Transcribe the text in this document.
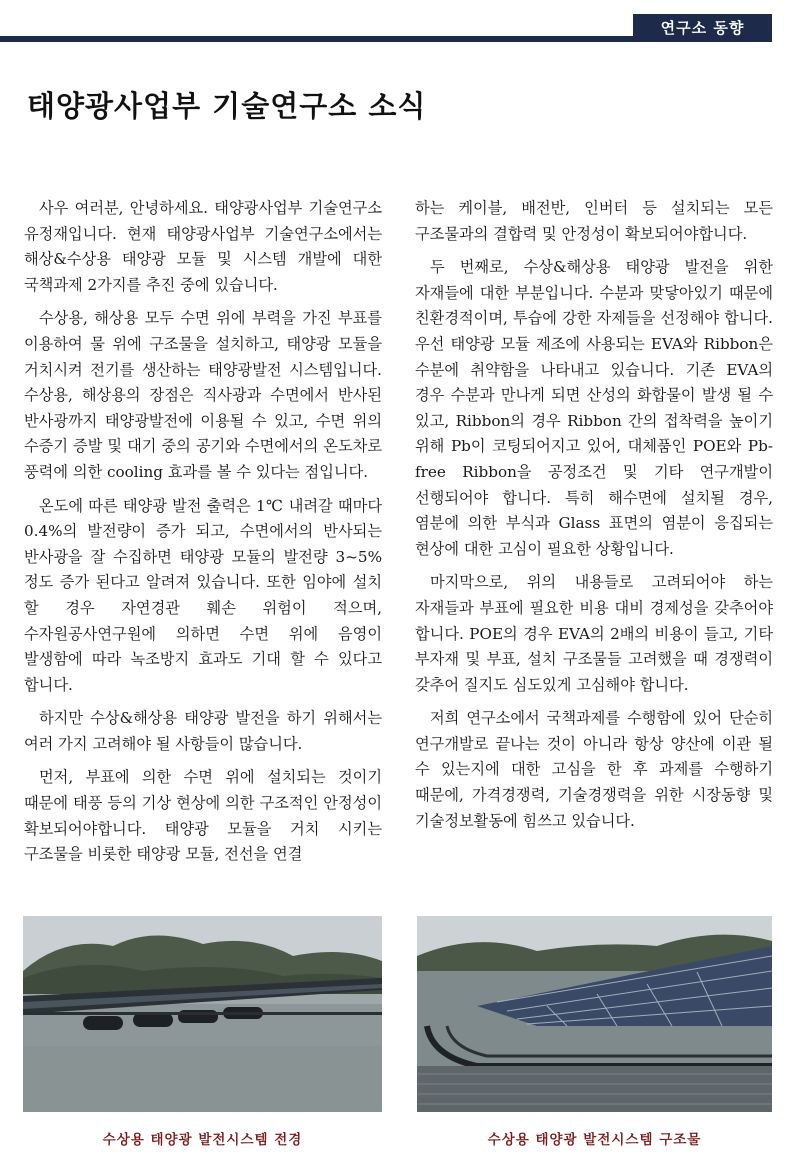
연구소 동향
태양광사업부 기술연구소 소식

사우 여러분, 안녕하세요. 태양광사업부 기술연구소 유정재입니다. 현재 태양광사업부 기술연구소에서는 해상&수상용 태양광 모듈 및 시스템 개발에 대한 국책과제 2가지를 추진 중에 있습니다.

수상용, 해상용 모두 수면 위에 부력을 가진 부표를 이용하여 물 위에 구조물을 설치하고, 태양광 모듈을 거치시켜 전기를 생산하는 태양광발전 시스템입니다. 수상용, 해상용의 장점은 직사광과 수면에서 반사된 반사광까지 태양광발전에 이용될 수 있고, 수면 위의 수증기 증발 및 대기 중의 공기와 수면에서의 온도차로 풍력에 의한 cooling 효과를 볼 수 있다는 점입니다.

온도에 따른 태양광 발전 출력은 1℃ 내려갈 때마다 0.4%의 발전량이 증가 되고, 수면에서의 반사되는 반사광을 잘 수집하면 태양광 모듈의 발전량 3~5% 정도 증가 된다고 알려져 있습니다. 또한 임야에 설치 할 경우 자연경관 훼손 위험이 적으며, 수자원공사연구원에 의하면 수면 위에 음영이 발생함에 따라 녹조방지 효과도 기대 할 수 있다고 합니다.

하지만 수상&해상용 태양광 발전을 하기 위해서는 여러 가지 고려해야 될 사항들이 많습니다.

먼저, 부표에 의한 수면 위에 설치되는 것이기 때문에 태풍 등의 기상 현상에 의한 구조적인 안정성이 확보되어야합니다. 태양광 모듈을 거치 시키는 구조물을 비롯한 태양광 모듈, 전선을 연결

하는 케이블, 배전반, 인버터 등 설치되는 모든 구조물과의 결합력 및 안정성이 확보되어야합니다.

두 번째로, 수상&해상용 태양광 발전을 위한 자재들에 대한 부분입니다. 수분과 맞닿아있기 때문에 친환경적이며, 투습에 강한 자제들을 선정해야 합니다. 우선 태양광 모듈 제조에 사용되는 EVA와 Ribbon은 수분에 취약함을 나타내고 있습니다. 기존 EVA의 경우 수분과 만나게 되면 산성의 화합물이 발생 될 수 있고, Ribbon의 경우 Ribbon 간의 접착력을 높이기 위해 Pb이 코팅되어지고 있어, 대체품인 POE와 Pb-free Ribbon을 공정조건 및 기타 연구개발이 선행되어야 합니다. 특히 해수면에 설치될 경우, 염분에 의한 부식과 Glass 표면의 염분이 응집되는 현상에 대한 고심이 필요한 상황입니다.

마지막으로, 위의 내용들로 고려되어야 하는 자재들과 부표에 필요한 비용 대비 경제성을 갖추어야 합니다. POE의 경우 EVA의 2배의 비용이 들고, 기타 부자재 및 부표, 설치 구조물들 고려했을 때 경쟁력이 갖추어 질지도 심도있게 고심해야 합니다.

저희 연구소에서 국책과제를 수행함에 있어 단순히 연구개발로 끝나는 것이 아니라 항상 양산에 이관 될 수 있는지에 대한 고심을 한 후 과제를 수행하기 때문에, 가격경쟁력, 기술경쟁력을 위한 시장동향 및 기술정보활동에 힘쓰고 있습니다.

수상용 태양광 발전시스템 전경	수상용 태양광 발전시스템 구조물
